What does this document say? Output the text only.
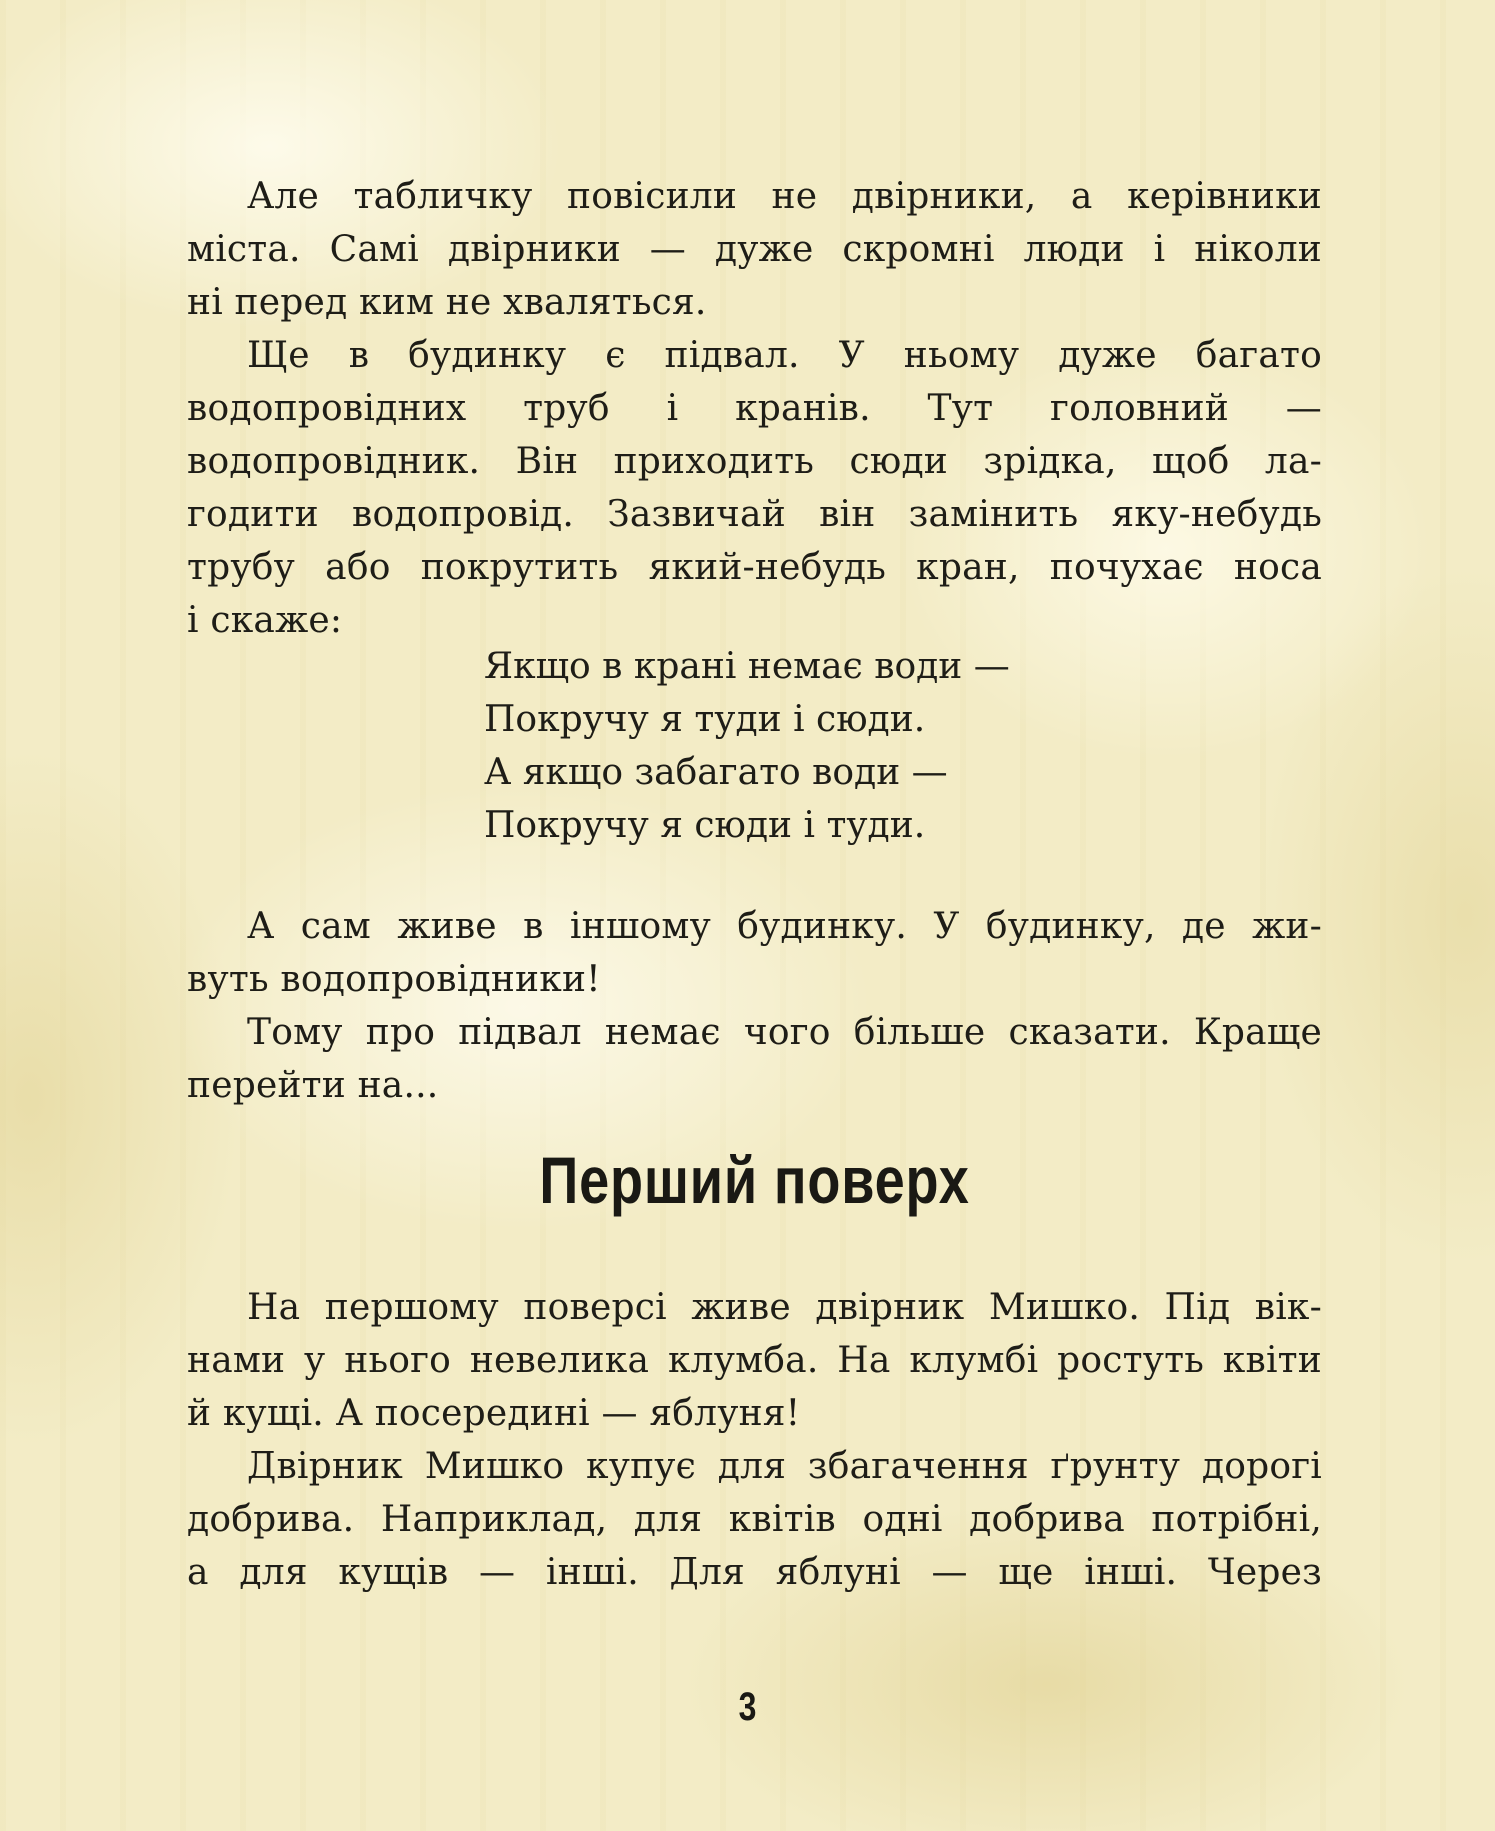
Але табличку повісили не двірники, а керівники
міста. Самі двірники — дуже скромні люди і ніколи
ні перед ким не хваляться.
Ще в будинку є підвал. У ньому дуже багато
водопровідних труб і кранів. Тут головний —
водопровідник. Він приходить сюди зрідка, щоб ла-
годити водопровід. Зазвичай він замінить яку-небудь
трубу або покрутить який-небудь кран, почухає носа
і скаже:
Якщо в крані немає води —
Покручу я туди і сюди.
А якщо забагато води —
Покручу я сюди і туди.
А сам живе в іншому будинку. У будинку, де жи-
вуть водопровідники!
Тому про підвал немає чого більше сказати. Краще
перейти на...
Перший поверх
На першому поверсі живе двірник Мишко. Під вік-
нами у нього невелика клумба. На клумбі ростуть квіти
й кущі. А посередині — яблуня!
Двірник Мишко купує для збагачення ґрунту дорогі
добрива. Наприклад, для квітів одні добрива потрібні,
а для кущів — інші. Для яблуні — ще інші. Через
3
